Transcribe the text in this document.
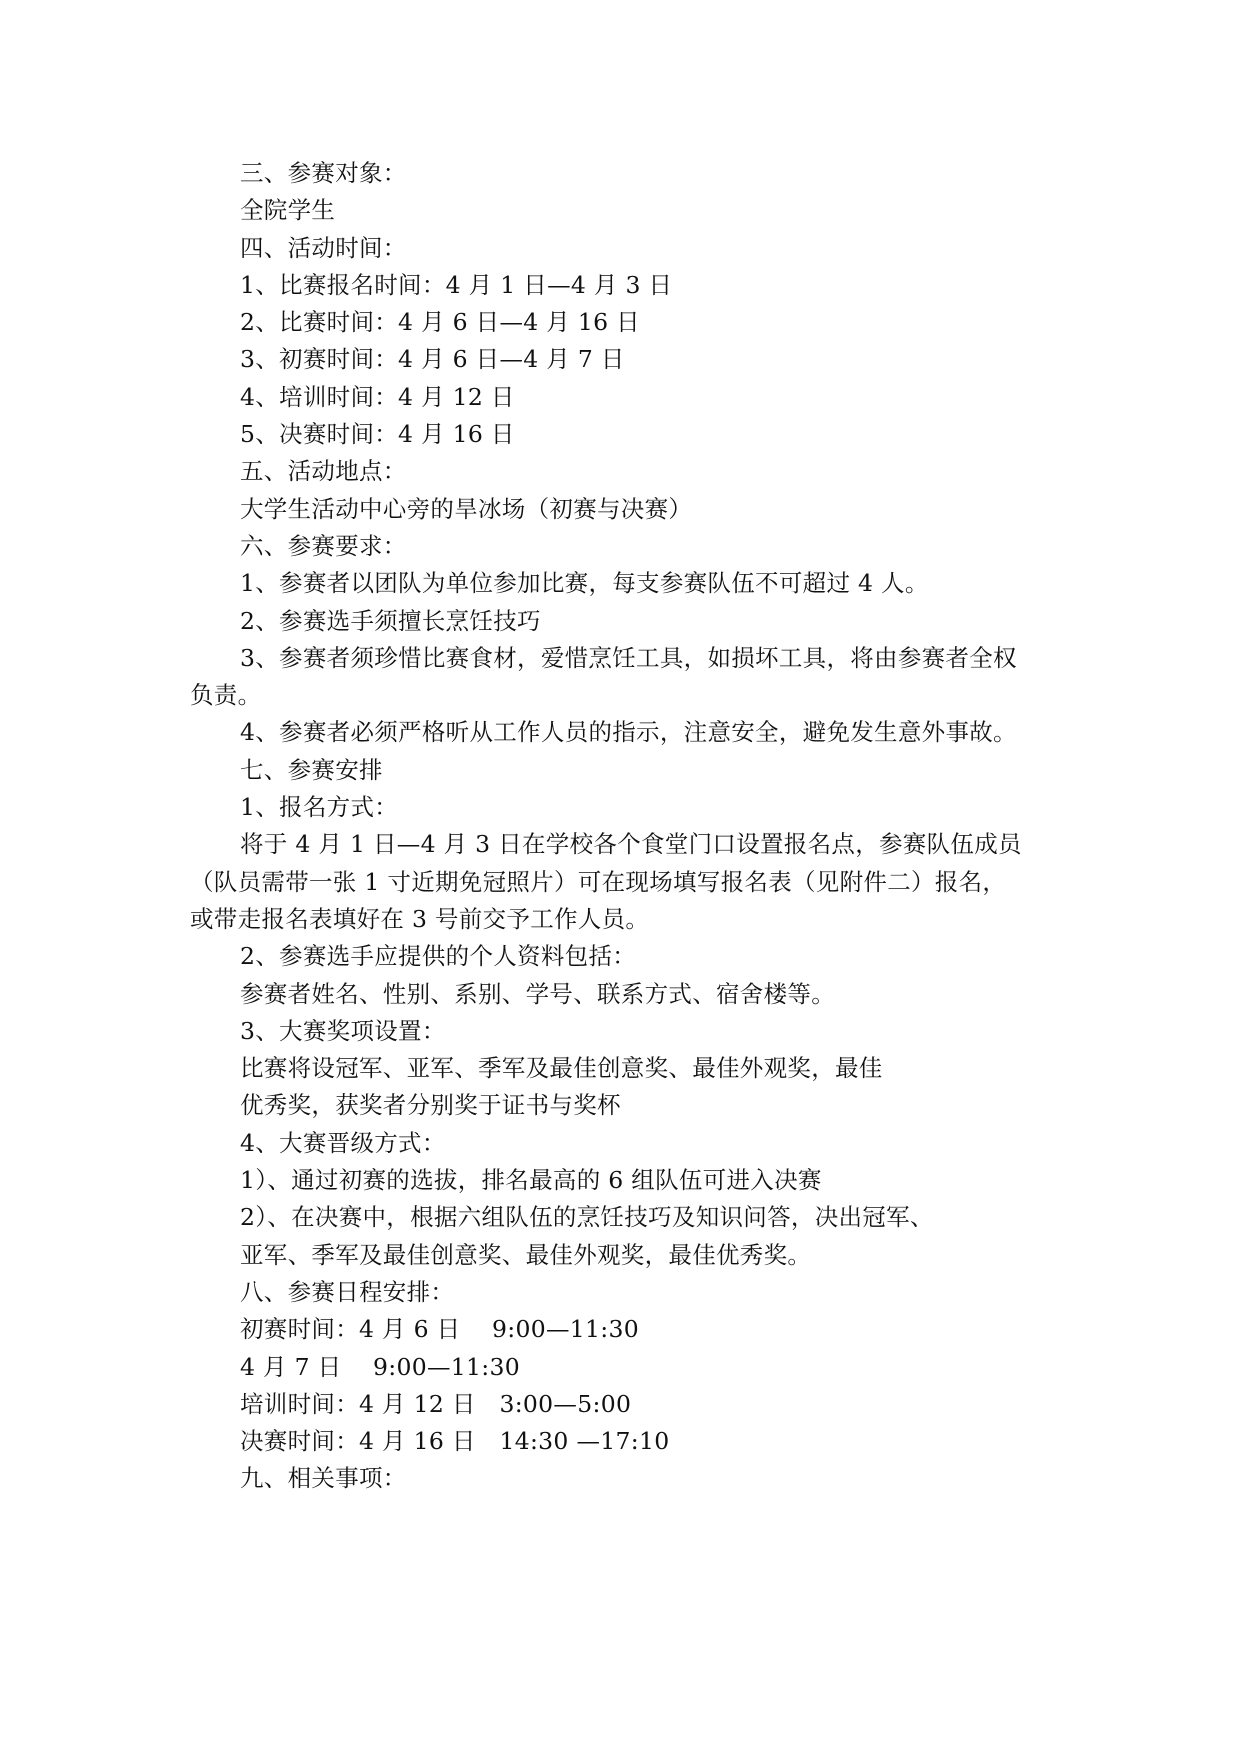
三、参赛对象：
全院学生
四、活动时间：
1、比赛报名时间：4 月 1 日—4 月 3 日
2、比赛时间：4 月 6 日—4 月 16 日
3、初赛时间：4 月 6 日—4 月 7 日
4、培训时间：4 月 12 日
5、决赛时间：4 月 16 日
五、活动地点：
大学生活动中心旁的旱冰场（初赛与决赛）
六、参赛要求：
1、参赛者以团队为单位参加比赛，每支参赛队伍不可超过 4 人。
2、参赛选手须擅长烹饪技巧
3、参赛者须珍惜比赛食材，爱惜烹饪工具，如损坏工具，将由参赛者全权
负责。
4、参赛者必须严格听从工作人员的指示，注意安全，避免发生意外事故。
七、参赛安排
1、报名方式：
将于 4 月 1 日—4 月 3 日在学校各个食堂门口设置报名点，参赛队伍成员
（队员需带一张 1 寸近期免冠照片）可在现场填写报名表（见附件二）报名，
或带走报名表填好在 3 号前交予工作人员。
2、参赛选手应提供的个人资料包括：
参赛者姓名、性别、系别、学号、联系方式、宿舍楼等。
3、大赛奖项设置：
比赛将设冠军、亚军、季军及最佳创意奖、最佳外观奖，最佳
优秀奖，获奖者分别奖于证书与奖杯
4、大赛晋级方式：
1）、通过初赛的选拔，排名最高的 6 组队伍可进入决赛
2）、在决赛中，根据六组队伍的烹饪技巧及知识问答，决出冠军、
亚军、季军及最佳创意奖、最佳外观奖，最佳优秀奖。
八、参赛日程安排：
初赛时间：4 月 6 日　 9:00—11:30
4 月 7 日　 9:00—11:30
培训时间：4 月 12 日　3:00—5:00
决赛时间：4 月 16 日　14:30 —17:10
九、相关事项：
